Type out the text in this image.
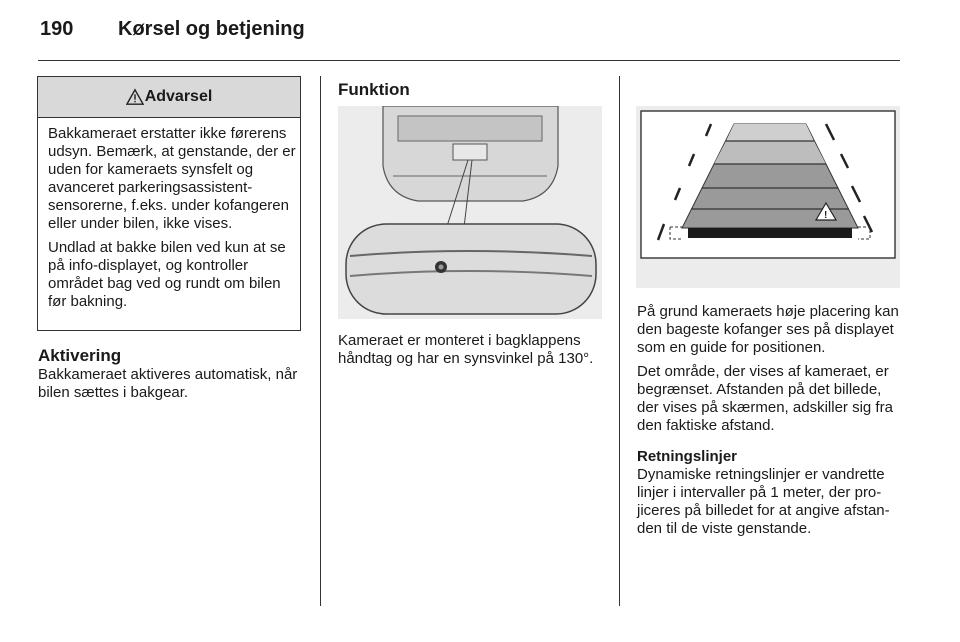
190 Kørsel og betjening
Advarsel

Bakkameraet erstatter ikke førerens udsyn. Bemærk, at genstande, der er uden for kameraets synsfelt og avanceret parkeringsassistent-sensorerne, f.eks. under kofangeren eller under bilen, ikke vises.

Undlad at bakke bilen ved kun at se på info-displayet, og kontroller området bag ved og rundt om bilen før bakning.

Aktivering

Bakkameraet aktiveres automatisk, når bilen sættes i bakgear.

Funktion

Kameraet er monteret i bagklappens håndtag og har en synsvinkel på 130°.

!

På grund kameraets høje placering kan den bageste kofanger ses på displayet som en guide for positionen.

Det område, der vises af kameraet, er begrænset. Afstanden på det billede, der vises på skærmen, adskiller sig fra den faktiske afstand.

Retningslinjer

Dynamiske retningslinjer er vandrette linjer i intervaller på 1 meter, der projiceres på billedet for at angive afstanden til de viste genstande.
